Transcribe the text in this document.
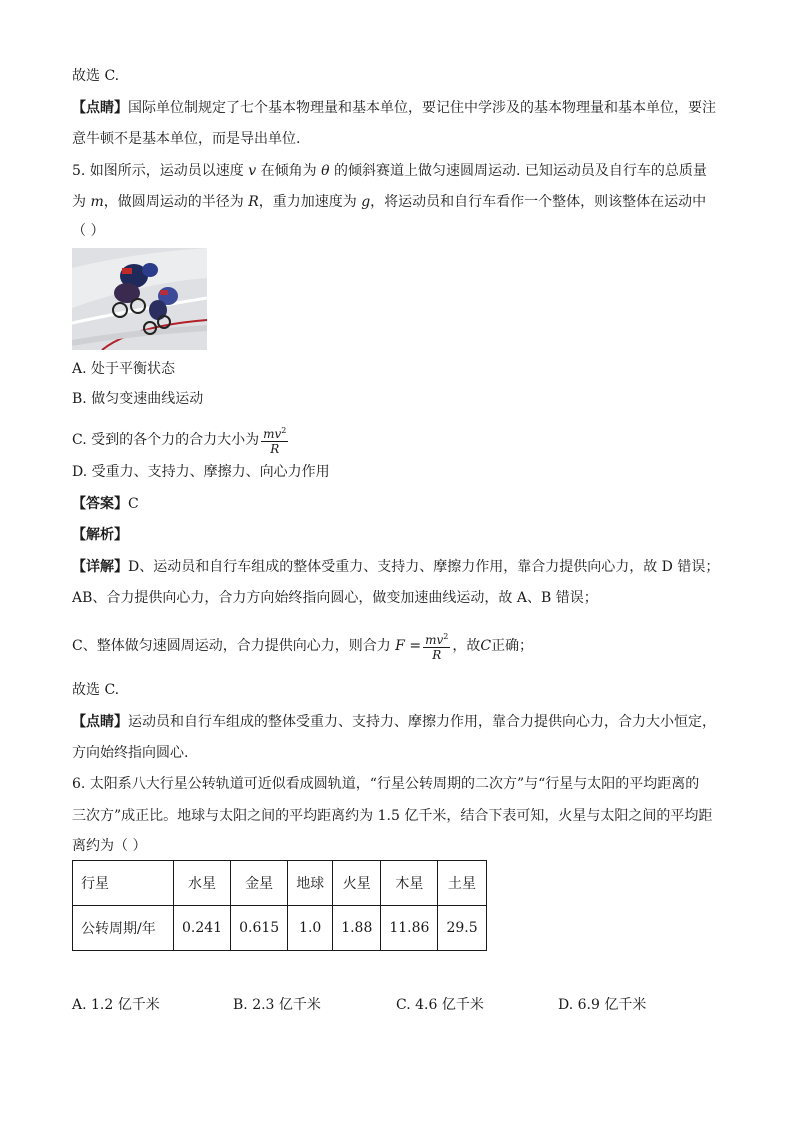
故选 C.
【点睛】国际单位制规定了七个基本物理量和基本单位，要记住中学涉及的基本物理量和基本单位，要注
意牛顿不是基本单位，而是导出单位.
5. 如图所示，运动员以速度 v 在倾角为 θ 的倾斜赛道上做匀速圆周运动. 已知运动员及自行车的总质量
为 m，做圆周运动的半径为 R，重力加速度为 g，将运动员和自行车看作一个整体，则该整体在运动中
（ ）
A. 处于平衡状态
B. 做匀变速曲线运动
C. 受到的各个力的合力大小为 $\frac{mv^2}{R}$
D. 受重力、支持力、摩擦力、向心力作用
【答案】C
【解析】
【详解】D、运动员和自行车组成的整体受重力、支持力、摩擦力作用，靠合力提供向心力，故 D 错误；
AB、合力提供向心力，合力方向始终指向圆心，做变加速曲线运动，故 A、B 错误；
C、整体做匀速圆周运动，合力提供向心力，则合力 $F = \frac{mv^2}{R}$ ，故C正确；
故选 C.
【点睛】运动员和自行车组成的整体受重力、支持力、摩擦力作用，靠合力提供向心力，合力大小恒定，
方向始终指向圆心.
6. 太阳系八大行星公转轨道可近似看成圆轨道，“行星公转周期的二次方”与“行星与太阳的平均距离的
三次方”成正比。地球与太阳之间的平均距离约为 1.5 亿千米，结合下表可知，火星与太阳之间的平均距
离约为（ ）
行星	水星	金星	地球	火星	木星	土星
公转周期/年	0.241	0.615	1.0	1.88	11.86	29.5
A. 1.2 亿千米	B. 2.3 亿千米	C. 4.6 亿千米	D. 6.9 亿千米
